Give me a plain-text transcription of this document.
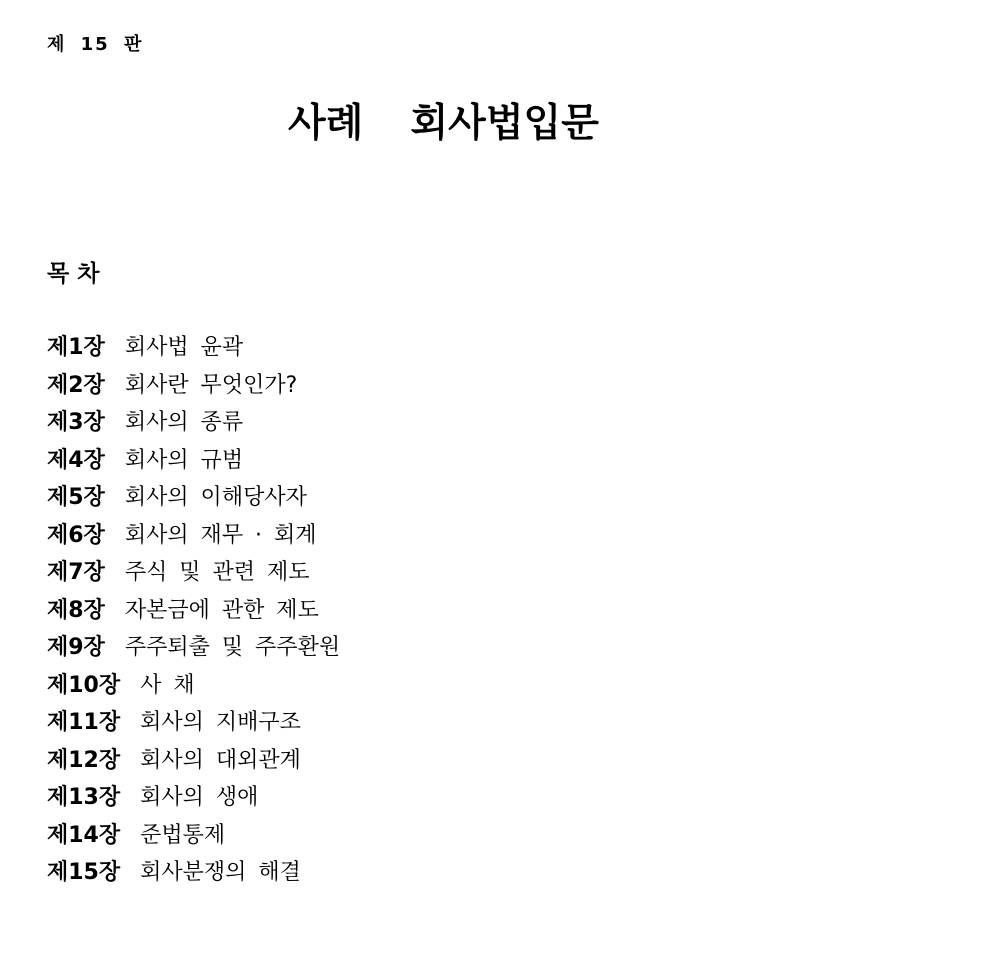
제 15 판
사례  회사법입문
목 차
제1장 회사법 윤곽
제2장 회사란 무엇인가?
제3장 회사의 종류
제4장 회사의 규범
제5장 회사의 이해당사자
제6장 회사의 재무 · 회계
제7장 주식 및 관련 제도
제8장 자본금에 관한 제도
제9장 주주퇴출 및 주주환원
제10장 사 채
제11장 회사의 지배구조
제12장 회사의 대외관계
제13장 회사의 생애
제14장 준법통제
제15장 회사분쟁의 해결
